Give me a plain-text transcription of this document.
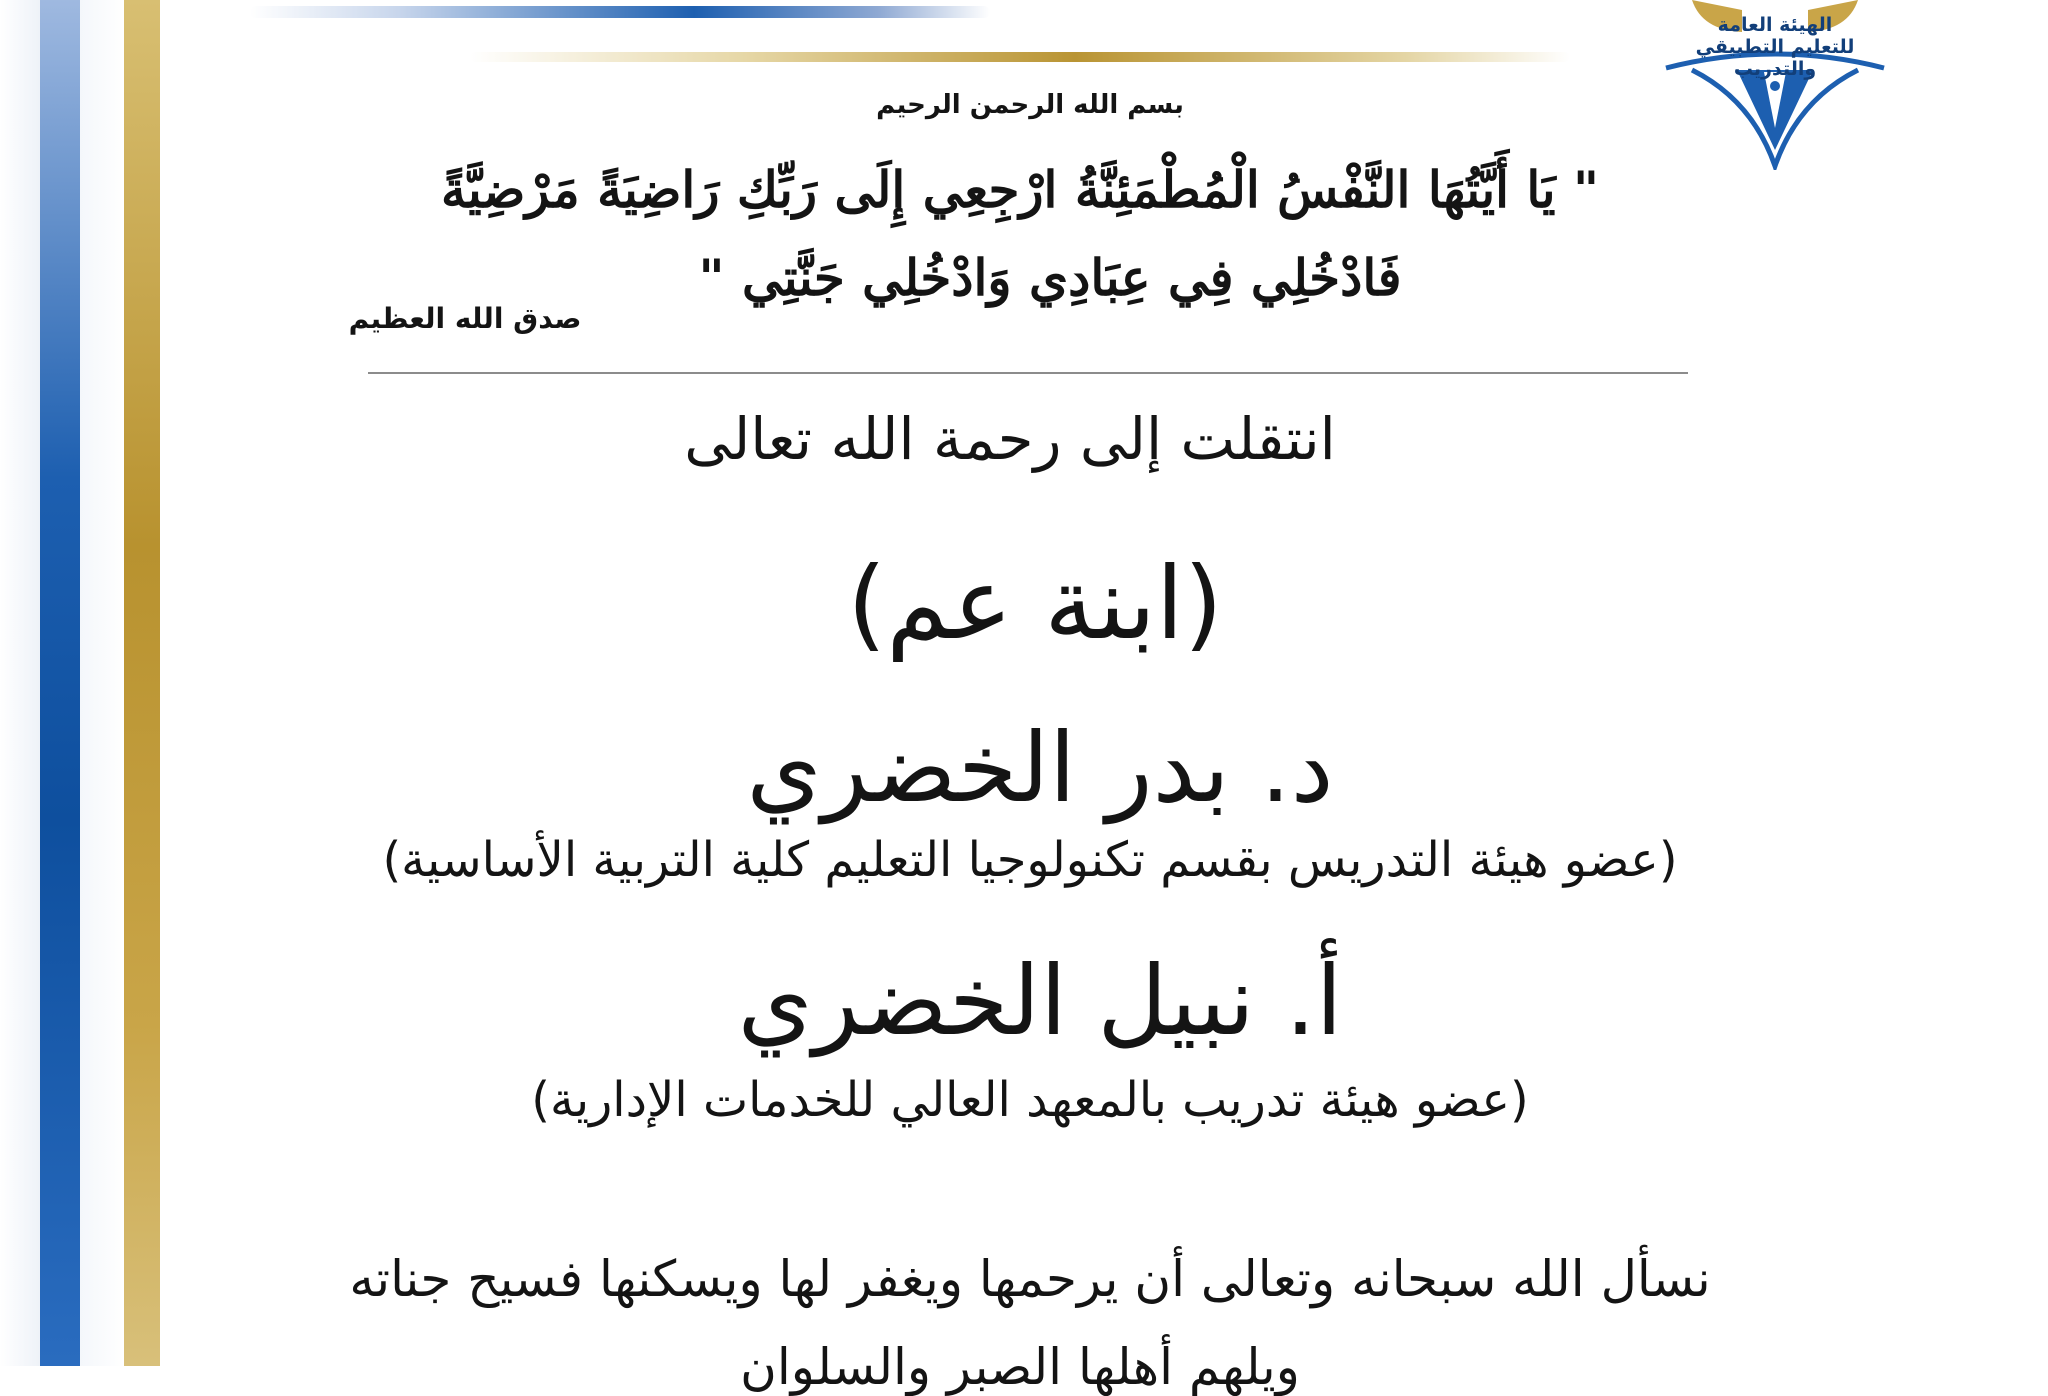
الهيئة العامة
للتعليم التطبيقي والتدريب
بسم الله الرحمن الرحيم
" يَا أَيَّتُهَا النَّفْسُ الْمُطْمَئِنَّةُ ارْجِعِي إِلَى رَبِّكِ رَاضِيَةً مَرْضِيَّةً
فَادْخُلِي فِي عِبَادِي وَادْخُلِي جَنَّتِي "
صدق الله العظيم
انتقلت إلى رحمة الله تعالى
(ابنة عم)
د. بدر الخضري
(عضو هيئة التدريس بقسم تكنولوجيا التعليم كلية التربية الأساسية)
أ. نبيل الخضري
(عضو هيئة تدريب بالمعهد العالي للخدمات الإدارية)
نسأل الله سبحانه وتعالى أن يرحمها ويغفر لها ويسكنها فسيح جناته
ويلهم أهلها الصبر والسلوان
